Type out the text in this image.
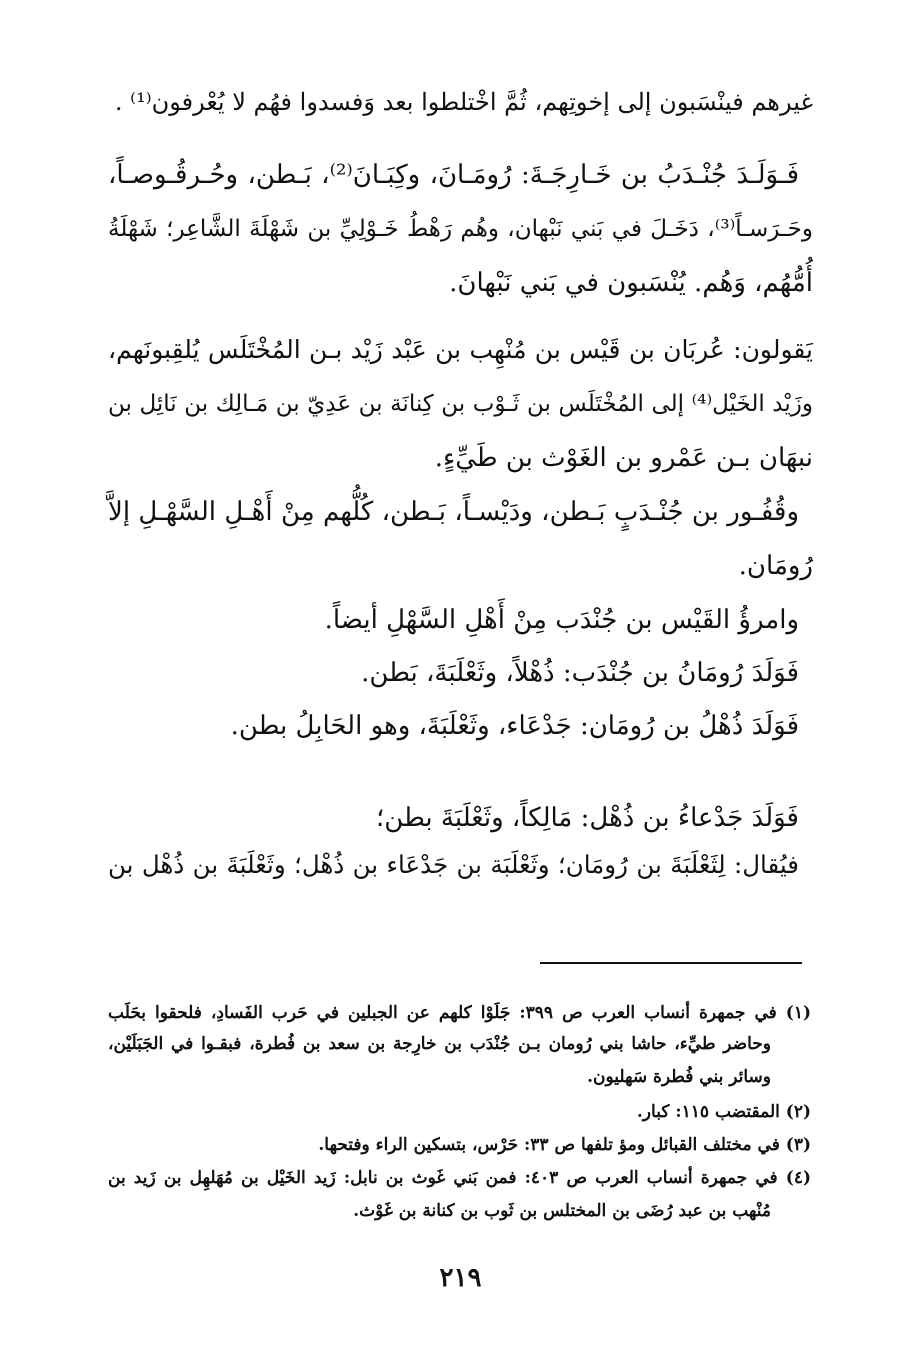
غيرهم فينْسَبون إلى إخوتِهم، ثُمَّ اخْتلطوا بعد وَفسدوا فهُم لا يُعْرفون⁽¹⁾ .
فَـوَلَـدَ جُنْـدَبُ بن خَـارِجَـةَ: رُومَـانَ، وكِبَـانَ⁽²⁾، بَـطن، وحُـرقُـوصـاً،
وحَـرَسـاً⁽³⁾، دَخَـلَ في بَني نَبْهان، وهُم رَهْطُ خَـوْلِيِّ بن شَهْلَةَ الشَّاعِر؛ شَهْلَةُ
أُمُّهُم، وَهُم. يُنْسَبون في بَني نَبْهانَ.
يَقولون: عُربَان بن قَيْس بن مُنْهِب بن عَبْد زَيْد بـن المُخْتَلَس يُلقِبونَهم،
وزَيْد الخَيْل⁽⁴⁾ إلى المُخْتَلَس بن ثَـوْب بن كِنانَة بن عَدِيّ بن مَـالِك بن نَائِل بن
نبهَان بـن عَمْرو بن الغَوْث بن طَيِّءٍ.
وقُفُـور بن جُنْـدَبٍ بَـطن، ودَيْسـاً، بَـطن، كُلُّهم مِنْ أَهْـلِ السَّهْـلِ إلاَّ
رُومَان.
وامرؤُ القَيْس بن جُنْدَب مِنْ أَهْلِ السَّهْلِ أيضاً.
فَوَلَدَ رُومَانُ بن جُنْدَب: ذُهْلاً، وثَعْلَبَةَ، بَطن.
فَوَلَدَ ذُهْلُ بن رُومَان: جَدْعَاء، وثَعْلَبَةَ، وهو الحَابِلُ بطن.
فَوَلَدَ جَدْعاءُ بن ذُهْل: مَالِكاً، وثَعْلَبَةَ بطن؛
فيُقال: لِثَعْلَبَةَ بن رُومَان؛ وثَعْلَبَة بن جَدْعَاء بن ذُهْل؛ وثَعْلَبَةَ بن ذُهْل بن
(١) في جمهرة أنساب العرب ص ٣٩٩: جَلَوْا كلهم عن الجبلين في حَرب الفَسادِ، فلحقوا بحَلَب
وحاضر طيِّء، حاشا بني رُومان بـن جُنْدَب بن خارِجة بن سعد بن فُطرة، فبقـوا في الجَبَلَيْن،
وسائر بني فُطرة سَهليون.
(٢) المقتضب ١١٥: كبار.
(٣) في مختلف القبائل ومؤ تلفها ص ٣٣: حَرْس، بتسكين الراء وفتحها.
(٤) في جمهرة أنساب العرب ص ٤٠٣: فمن بَني غَوث بن نابل: زَيد الخَيْل بن مُهَلهِل بن زَيد بن
مُنْهب بن عبد رُضَى بن المختلس بن ثَوب بن كنانة بن غَوْث.
٢١٩
